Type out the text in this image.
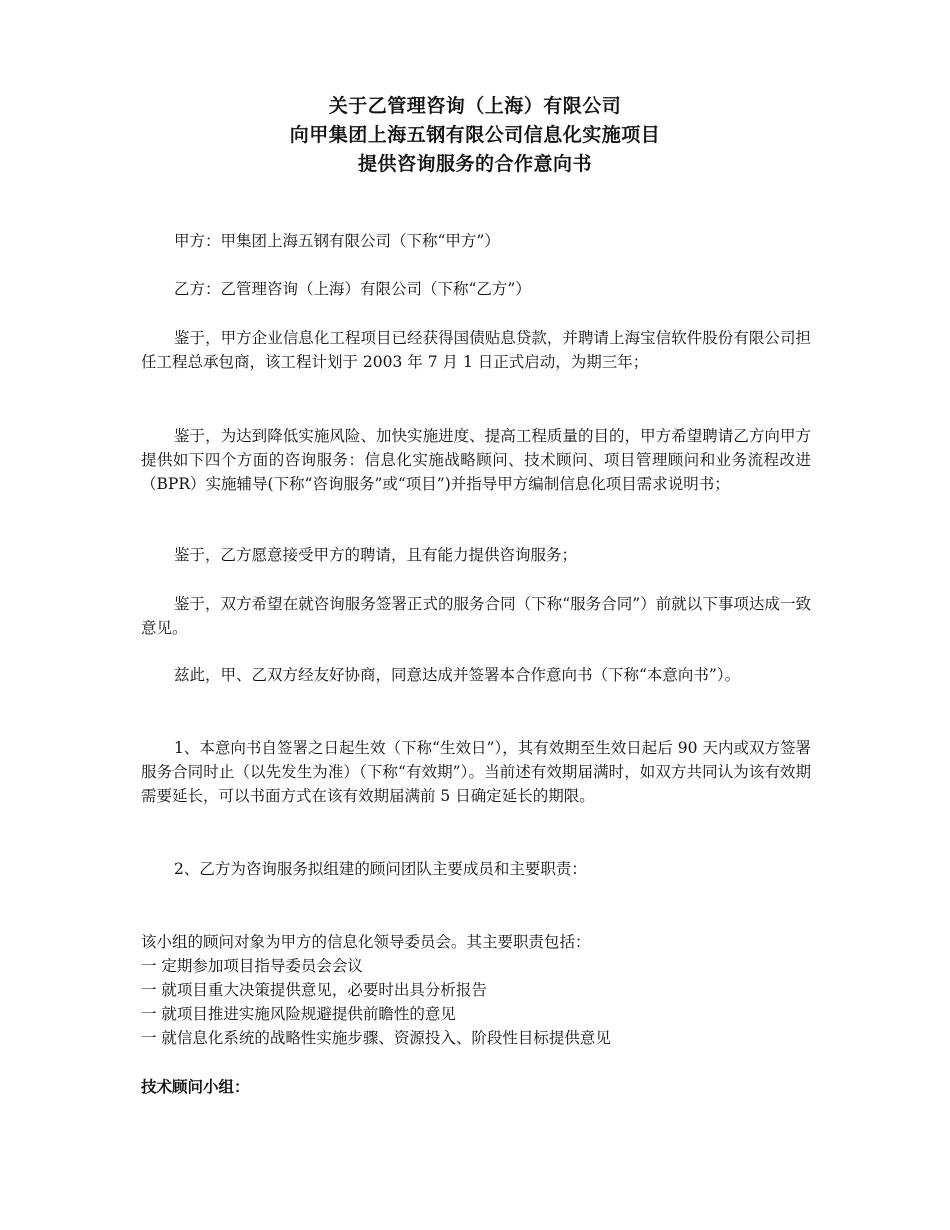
关于乙管理咨询（上海）有限公司
向甲集团上海五钢有限公司信息化实施项目
提供咨询服务的合作意向书

甲方：甲集团上海五钢有限公司（下称“甲方”）

乙方：乙管理咨询（上海）有限公司（下称“乙方”）

鉴于，甲方企业信息化工程项目已经获得国债贴息贷款，并聘请上海宝信软件股份有限公司担任工程总承包商，该工程计划于 2003 年 7 月 1 日正式启动，为期三年；

鉴于，为达到降低实施风险、加快实施进度、提高工程质量的目的，甲方希望聘请乙方向甲方提供如下四个方面的咨询服务：信息化实施战略顾问、技术顾问、项目管理顾问和业务流程改进（BPR）实施辅导(下称“咨询服务”或“项目”)并指导甲方编制信息化项目需求说明书；

鉴于，乙方愿意接受甲方的聘请，且有能力提供咨询服务；

鉴于，双方希望在就咨询服务签署正式的服务合同（下称“服务合同”）前就以下事项达成一致意见。

兹此，甲、乙双方经友好协商，同意达成并签署本合作意向书（下称“本意向书”）。

1、本意向书自签署之日起生效（下称“生效日”），其有效期至生效日起后 90 天内或双方签署服务合同时止（以先发生为准）（下称“有效期”）。当前述有效期届满时，如双方共同认为该有效期需要延长，可以书面方式在该有效期届满前 5 日确定延长的期限。

2、乙方为咨询服务拟组建的顾问团队主要成员和主要职责：

该小组的顾问对象为甲方的信息化领导委员会。其主要职责包括：

一 定期参加项目指导委员会会议

一 就项目重大决策提供意见，必要时出具分析报告

一 就项目推进实施风险规避提供前瞻性的意见

一 就信息化系统的战略性实施步骤、资源投入、阶段性目标提供意见

技术顾问小组：
